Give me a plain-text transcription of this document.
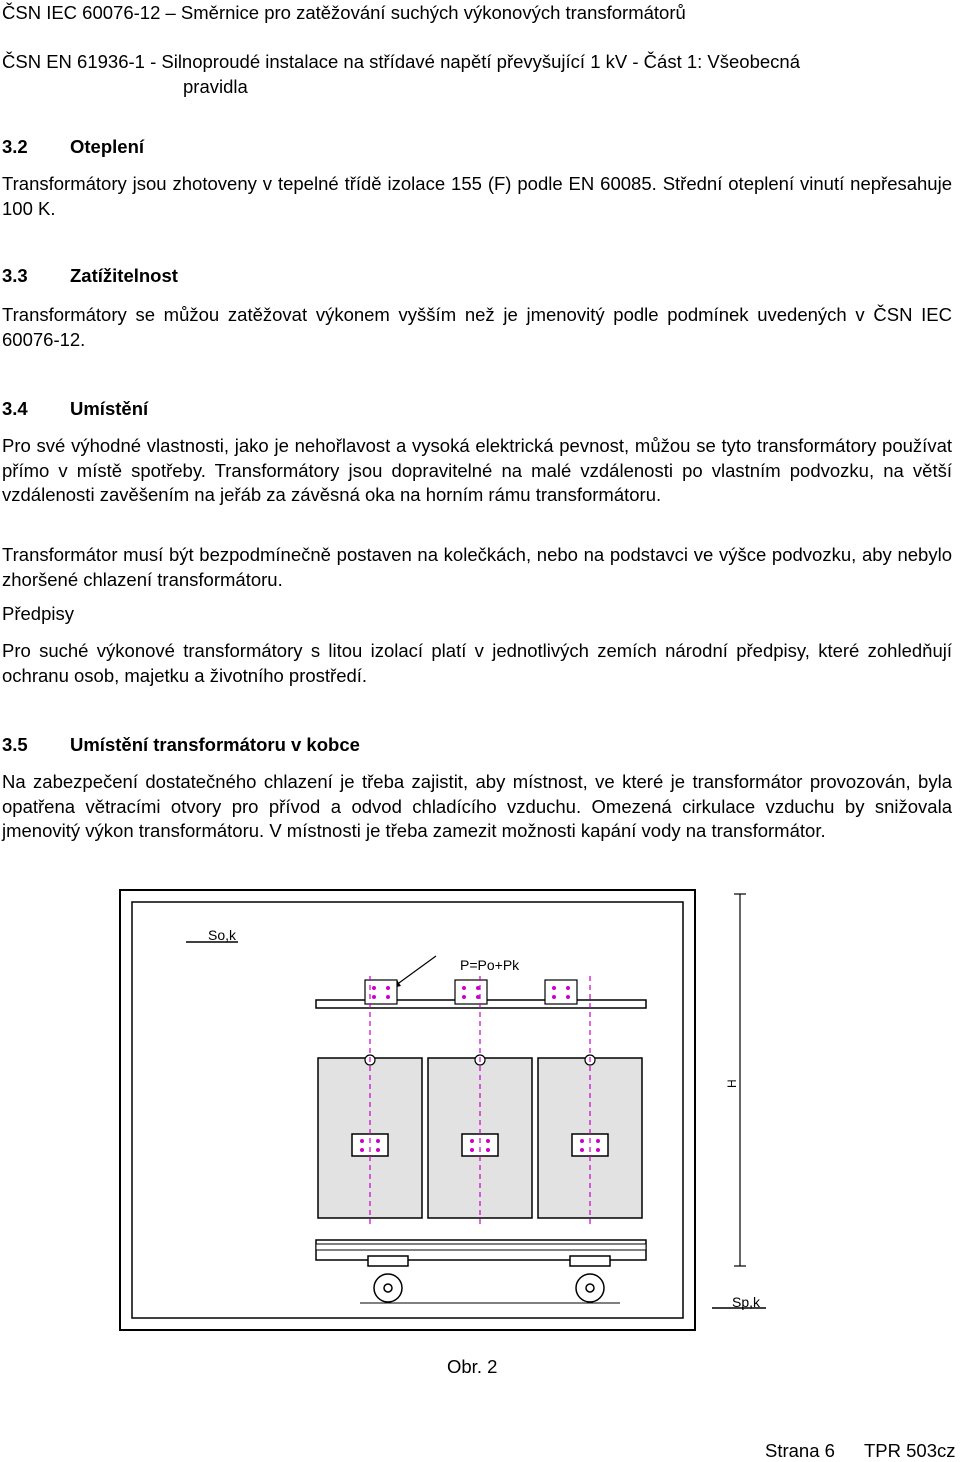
ČSN IEC 60076-12 – Směrnice pro zatěžování suchých výkonových transformátorů
ČSN EN 61936-1 - Silnoproudé instalace na střídavé napětí převyšující 1 kV - Část 1: Všeobecná
pravidla
3.2 Oteplení
Transformátory jsou zhotoveny v tepelné třídě izolace 155 (F) podle EN 60085. Střední oteplení vinutí nepřesahuje 100 K.
3.3 Zatížitelnost
Transformátory se můžou zatěžovat výkonem vyšším než je jmenovitý podle podmínek uvedených v ČSN IEC 60076-12.
3.4 Umístění
Pro své výhodné vlastnosti, jako je nehořlavost a vysoká elektrická pevnost, můžou se tyto transformátory používat přímo v místě spotřeby. Transformátory jsou dopravitelné na malé vzdálenosti po vlastním podvozku, na větší vzdálenosti zavěšením na jeřáb za závěsná oka na horním rámu transformátoru.
Transformátor musí být bezpodmínečně postaven na kolečkách, nebo na podstavci ve výšce podvozku, aby nebylo zhoršené chlazení transformátoru.
Předpisy
Pro suché výkonové transformátory s litou izolací platí v jednotlivých zemích národní předpisy, které zohledňují ochranu osob, majetku a životního prostředí.
3.5 Umístění transformátoru v kobce
Na zabezpečení dostatečného chlazení je třeba zajistit, aby místnost, ve které je transformátor provozován, byla opatřena větracími otvory pro přívod a odvod chladícího vzduchu. Omezená cirkulace vzduchu by snižovala jmenovitý výkon transformátoru. V místnosti je třeba zamezit možnosti kapání vody na transformátor.
So,k
P=Po+Pk
H
Sp,k
Obr. 2
Strana 6 TPR 503cz
